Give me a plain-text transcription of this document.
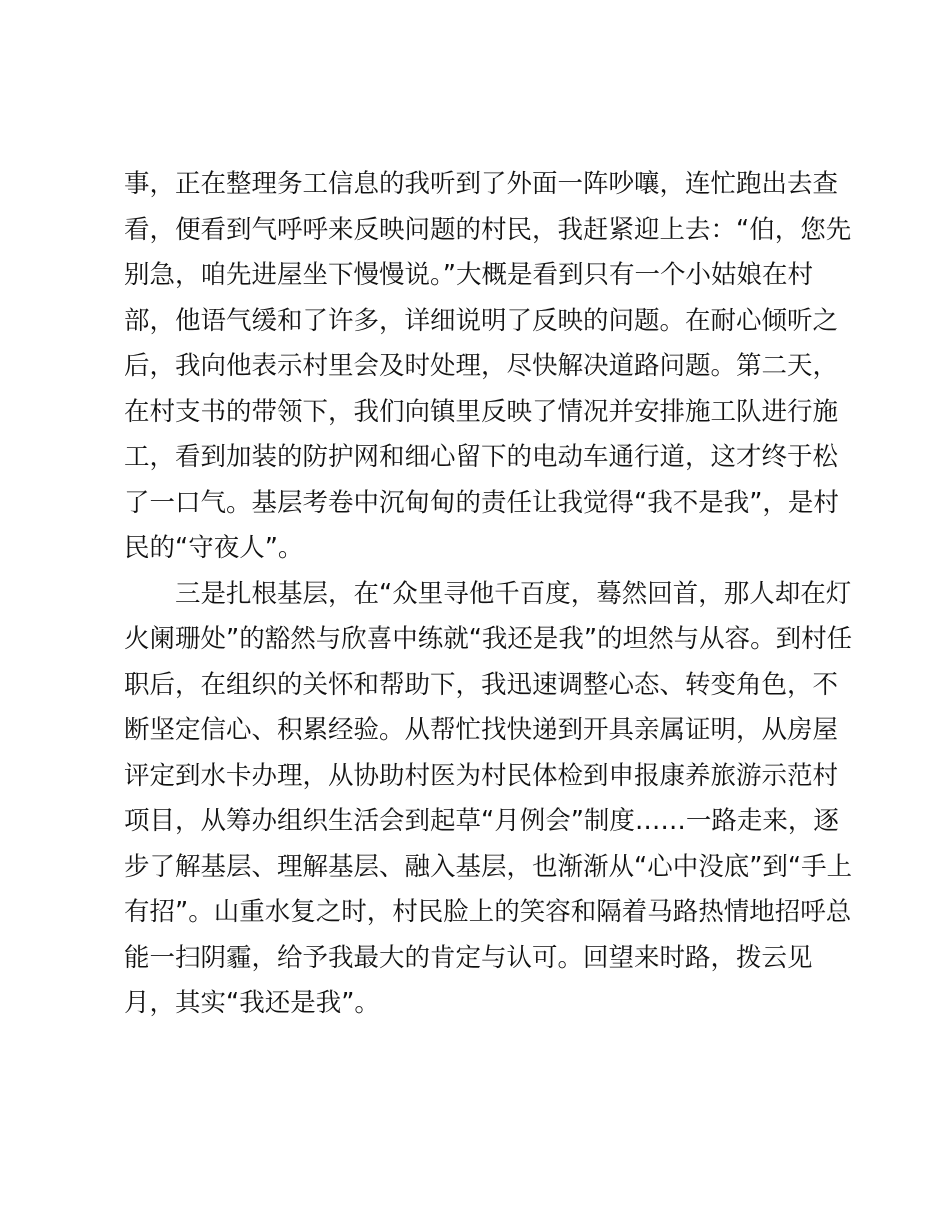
事，正在整理务工信息的我听到了外面一阵吵嚷，连忙跑出去查
看，便看到气呼呼来反映问题的村民，我赶紧迎上去：“伯，您先
别急，咱先进屋坐下慢慢说。”大概是看到只有一个小姑娘在村
部，他语气缓和了许多，详细说明了反映的问题。在耐心倾听之
后，我向他表示村里会及时处理，尽快解决道路问题。第二天，
在村支书的带领下，我们向镇里反映了情况并安排施工队进行施
工，看到加装的防护网和细心留下的电动车通行道，这才终于松
了一口气。基层考卷中沉甸甸的责任让我觉得“我不是我”，是村
民的“守夜人”。
　　三是扎根基层，在“众里寻他千百度，蓦然回首，那人却在灯
火阑珊处”的豁然与欣喜中练就“我还是我”的坦然与从容。到村任
职后，在组织的关怀和帮助下，我迅速调整心态、转变角色，不
断坚定信心、积累经验。从帮忙找快递到开具亲属证明，从房屋
评定到水卡办理，从协助村医为村民体检到申报康养旅游示范村
项目，从筹办组织生活会到起草“月例会”制度……一路走来，逐
步了解基层、理解基层、融入基层，也渐渐从“心中没底”到“手上
有招”。山重水复之时，村民脸上的笑容和隔着马路热情地招呼总
能一扫阴霾，给予我最大的肯定与认可。回望来时路，拨云见
月，其实“我还是我”。
